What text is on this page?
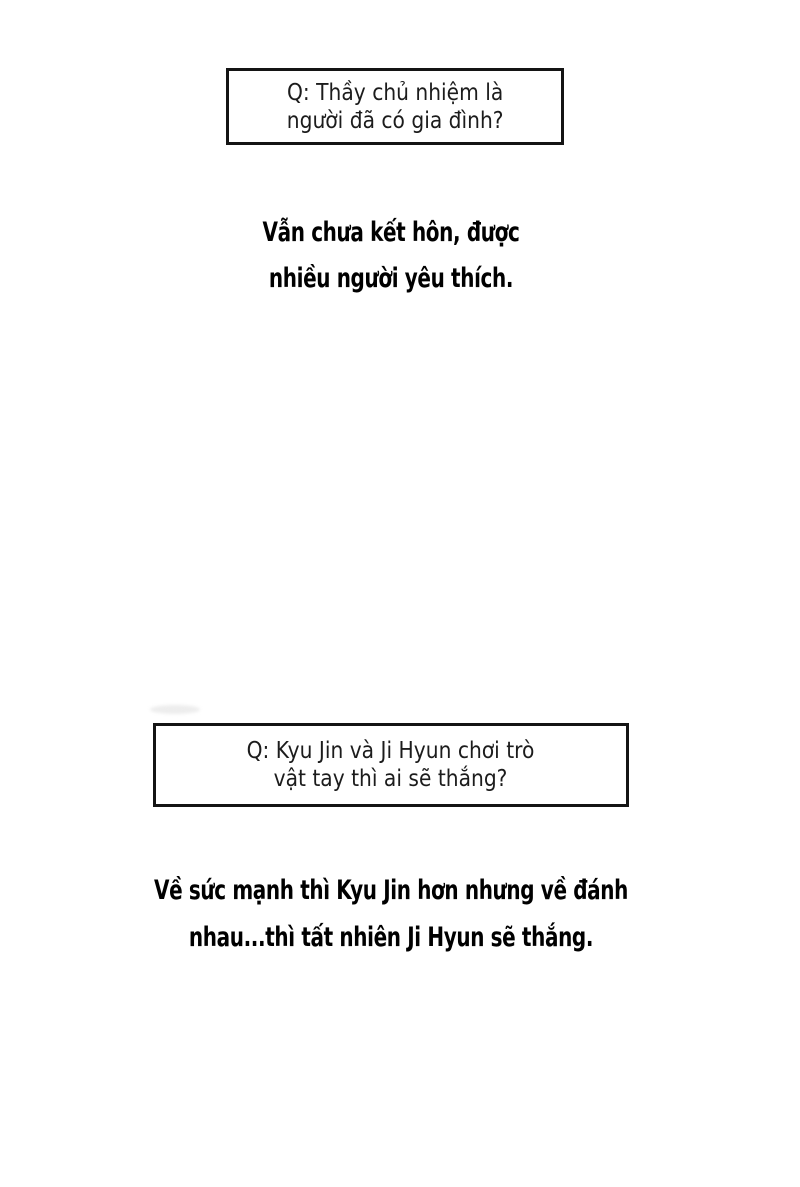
Q: Thầy chủ nhiệm là
người đã có gia đình?
Vẫn chưa kết hôn, được
nhiều người yêu thích.
Q: Kyu Jin và Ji Hyun chơi trò
vật tay thì ai sẽ thắng?
Về sức mạnh thì Kyu Jin hơn nhưng về đánh
nhau...thì tất nhiên Ji Hyun sẽ thắng.
